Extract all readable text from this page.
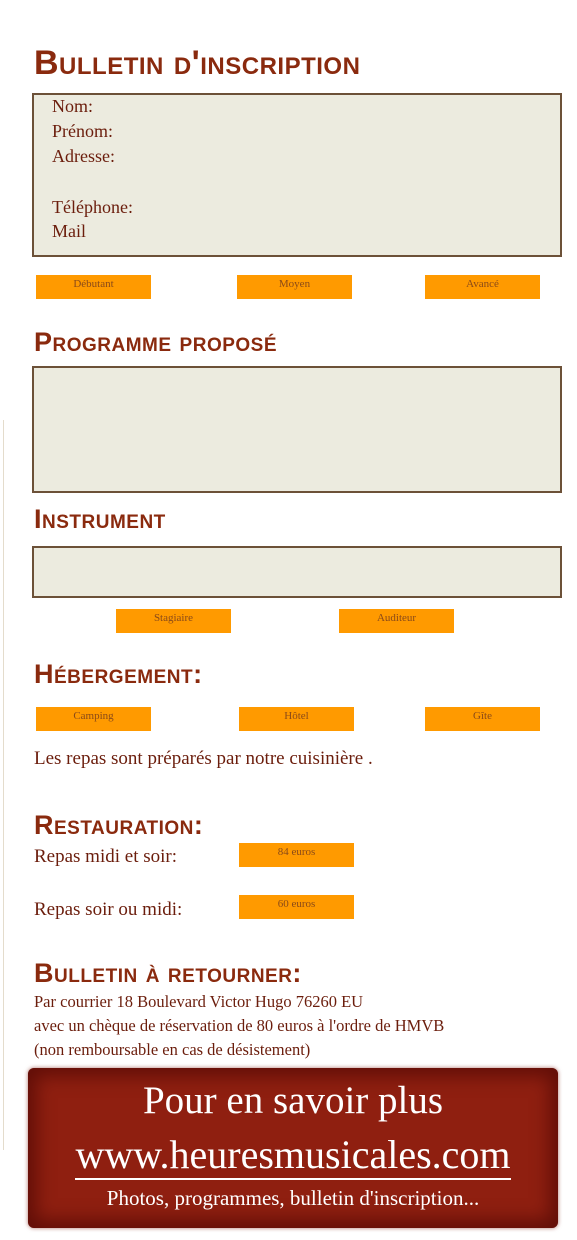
Bulletin d'inscription
Nom:
Prénom:
Adresse:
Téléphone:
Mail
Débutant	Moyen	Avancé
Programme proposé
Instrument
Stagiaire	Auditeur
Hébergement:
Camping	Hôtel	Gîte
Les repas sont préparés par notre cuisinière .
Restauration:
Repas midi et soir:	84 euros
Repas soir ou midi:	60 euros
Bulletin à retourner:
Par courrier 18 Boulevard Victor Hugo 76260 EU
avec un chèque de réservation de 80 euros à l'ordre de HMVB
(non remboursable en cas de désistement)
Pour en savoir plus
www.heuresmusicales.com
Photos, programmes, bulletin d'inscription...
